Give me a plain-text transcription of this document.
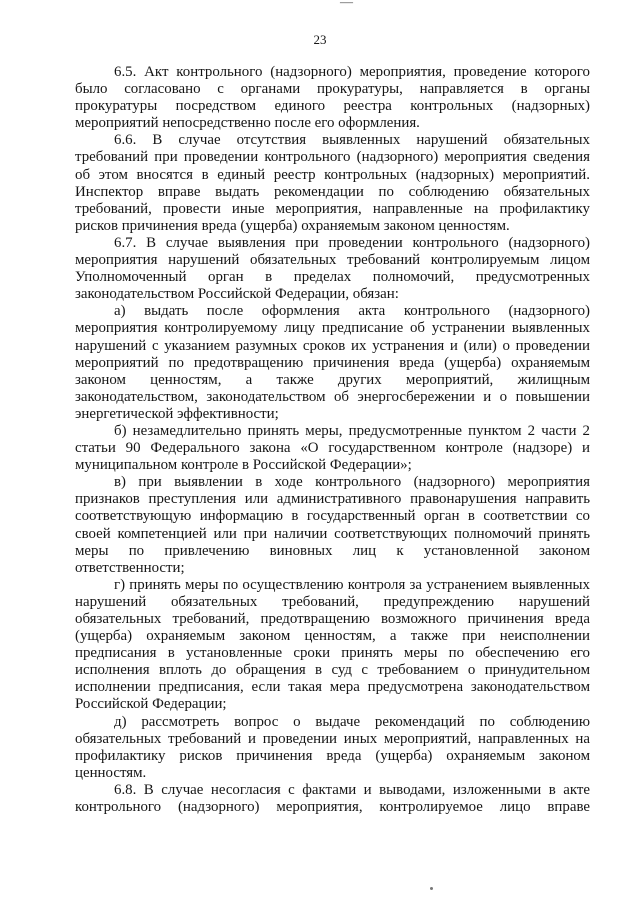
—
23
6.5. Акт контрольного (надзорного) мероприятия, проведение которого
было согласовано с органами прокуратуры, направляется в органы
прокуратуры посредством единого реестра контрольных (надзорных)
мероприятий непосредственно после его оформления.
6.6. В случае отсутствия выявленных нарушений обязательных
требований при проведении контрольного (надзорного) мероприятия сведения
об этом вносятся в единый реестр контрольных (надзорных) мероприятий.
Инспектор вправе выдать рекомендации по соблюдению обязательных
требований, провести иные мероприятия, направленные на профилактику
рисков причинения вреда (ущерба) охраняемым законом ценностям.
6.7. В случае выявления при проведении контрольного (надзорного)
мероприятия нарушений обязательных требований контролируемым лицом
Уполномоченный орган в пределах полномочий, предусмотренных
законодательством Российской Федерации, обязан:
а) выдать после оформления акта контрольного (надзорного)
мероприятия контролируемому лицу предписание об устранении выявленных
нарушений с указанием разумных сроков их устранения и (или) о проведении
мероприятий по предотвращению причинения вреда (ущерба) охраняемым
законом ценностям, а также других мероприятий, жилищным
законодательством, законодательством об энергосбережении и о повышении
энергетической эффективности;
б) незамедлительно принять меры, предусмотренные пунктом 2 части 2
статьи 90 Федерального закона «О государственном контроле (надзоре) и
муниципальном контроле в Российской Федерации»;
в) при выявлении в ходе контрольного (надзорного) мероприятия
признаков преступления или административного правонарушения направить
соответствующую информацию в государственный орган в соответствии со
своей компетенцией или при наличии соответствующих полномочий принять
меры по привлечению виновных лиц к установленной законом
ответственности;
г) принять меры по осуществлению контроля за устранением выявленных
нарушений обязательных требований, предупреждению нарушений
обязательных требований, предотвращению возможного причинения вреда
(ущерба) охраняемым законом ценностям, а также при неисполнении
предписания в установленные сроки принять меры по обеспечению его
исполнения вплоть до обращения в суд с требованием о принудительном
исполнении предписания, если такая мера предусмотрена законодательством
Российской Федерации;
д) рассмотреть вопрос о выдаче рекомендаций по соблюдению
обязательных требований и проведении иных мероприятий, направленных на
профилактику рисков причинения вреда (ущерба) охраняемым законом
ценностям.
6.8. В случае несогласия с фактами и выводами, изложенными в акте
контрольного (надзорного) мероприятия, контролируемое лицо вправе
